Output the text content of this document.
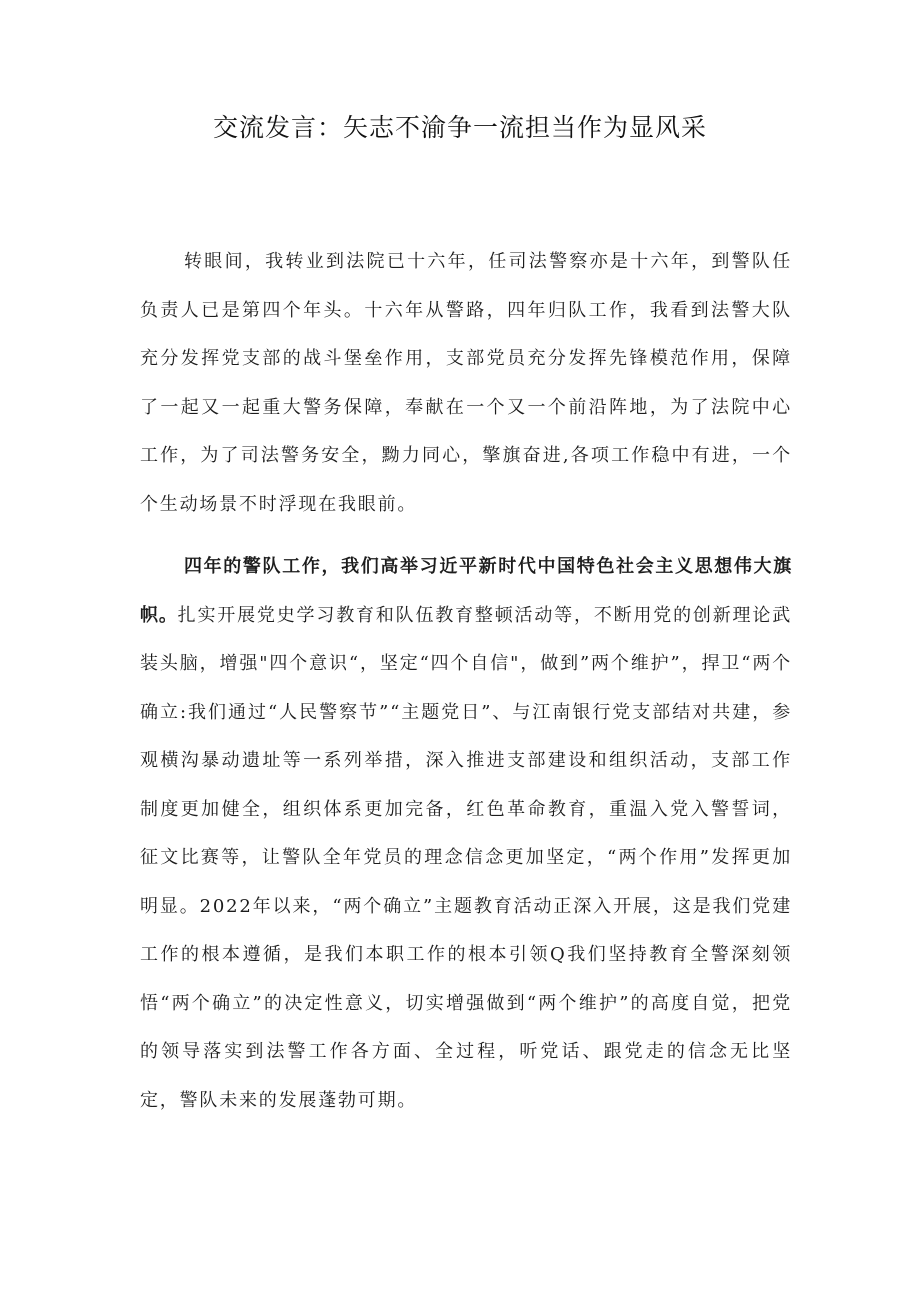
交流发言：矢志不渝争一流担当作为显风采

转眼间，我转业到法院已十六年，任司法警察亦是十六年，到警队任负责人已是第四个年头。十六年从警路，四年归队工作，我看到法警大队充分发挥党支部的战斗堡垒作用，支部党员充分发挥先锋模范作用，保障了一起又一起重大警务保障，奉献在一个又一个前沿阵地，为了法院中心工作，为了司法警务安全，黝力同心，擎旗奋进,各项工作稳中有进，一个个生动场景不时浮现在我眼前。

四年的警队工作，我们高举习近平新时代中国特色社会主义思想伟大旗帜。扎实开展党史学习教育和队伍教育整顿活动等，不断用党的创新理论武装头脑，增强"四个意识“，坚定“四个自信"，做到”两个维护”，捍卫“两个确立:我们通过“人民警察节”“主题党日”、与江南银行党支部结对共建，参观横沟暴动遗址等一系列举措，深入推进支部建设和组织活动，支部工作制度更加健全，组织体系更加完备，红色革命教育，重温入党入警誓词，征文比赛等，让警队全年党员的理念信念更加坚定，“两个作用”发挥更加明显。2022年以来，“两个确立”主题教育活动正深入开展，这是我们党建工作的根本遵循，是我们本职工作的根本引领Q我们坚持教育全警深刻领悟“两个确立”的决定性意义，切实增强做到“两个维护”的高度自觉，把党的领导落实到法警工作各方面、全过程，听党话、跟党走的信念无比坚定，警队未来的发展蓬勃可期。
